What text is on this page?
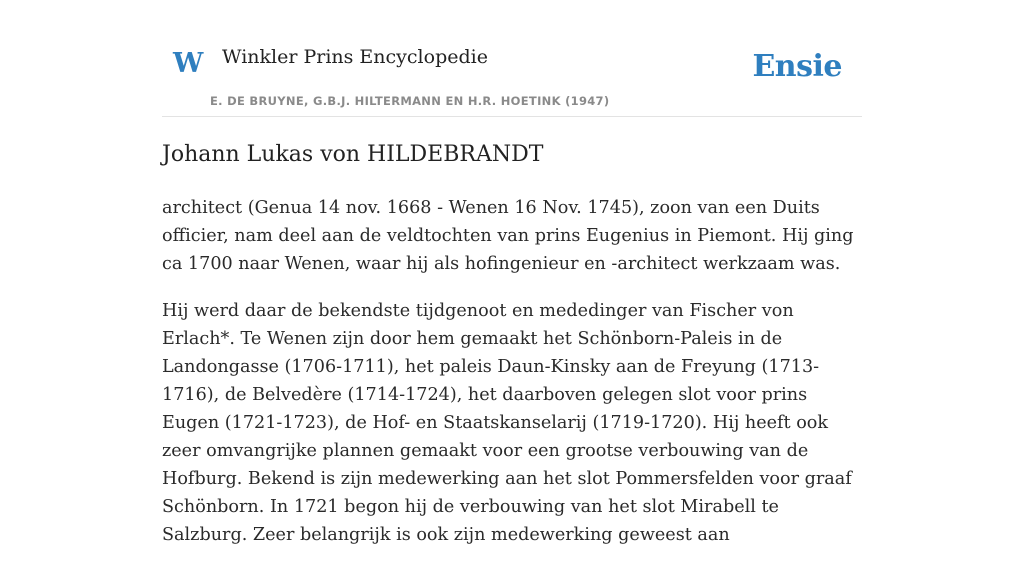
W Winkler Prins Encyclopedie
E. DE BRUYNE, G.B.J. HILTERMANN EN H.R. HOETINK (1947)
Ensie
Johann Lukas von HILDEBRANDT

architect (Genua 14 nov. 1668 - Wenen 16 Nov. 1745), zoon van een Duits officier, nam deel aan de veldtochten van prins Eugenius in Piemont. Hij ging ca 1700 naar Wenen, waar hij als hofingenieur en -architect werkzaam was.

Hij werd daar de bekendste tijdgenoot en mededinger van Fischer von Erlach*. Te Wenen zijn door hem gemaakt het Schönborn-Paleis in de Landongasse (1706-1711), het paleis Daun-Kinsky aan de Freyung (1713-1716), de Belvedère (1714-1724), het daarboven gelegen slot voor prins Eugen (1721-1723), de Hof- en Staatskanselarij (1719-1720). Hij heeft ook zeer omvangrijke plannen gemaakt voor een grootse verbouwing van de Hofburg. Bekend is zijn medewerking aan het slot Pommersfelden voor graaf Schönborn. In 1721 begon hij de verbouwing van het slot Mirabell te Salzburg. Zeer belangrijk is ook zijn medewerking geweest aan
